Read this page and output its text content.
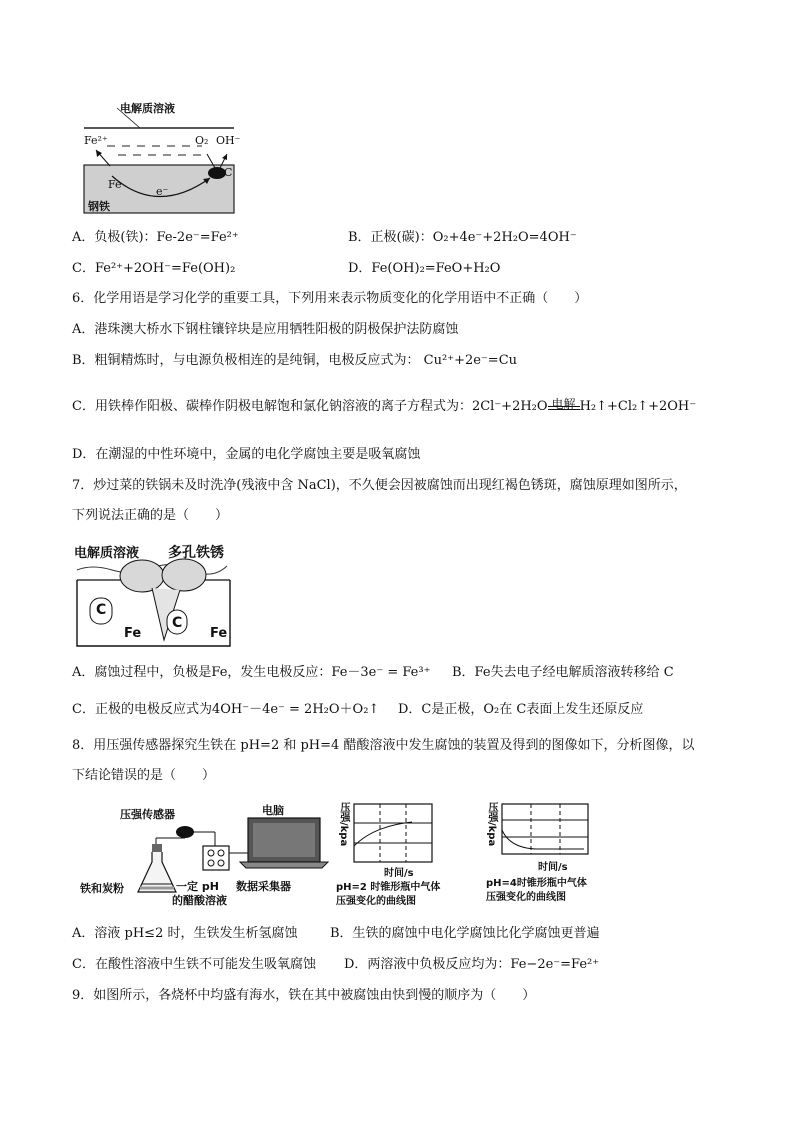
电解质溶液
Fe²⁺	O₂ OH⁻
Fe
e⁻
C
钢铁
A．负极(铁)：Fe-2e⁻=Fe²⁺	B．正极(碳)：O₂+4e⁻+2H₂O=4OH⁻
C．Fe²⁺+2OH⁻=Fe(OH)₂	D．Fe(OH)₂=FeO+H₂O
6．化学用语是学习化学的重要工具，下列用来表示物质变化的化学用语中不正确（　　）
A．港珠澳大桥水下钢柱镶锌块是应用牺牲阳极的阴极保护法防腐蚀
B．粗铜精炼时，与电源负极相连的是纯铜，电极反应式为： Cu²⁺+2e⁻=Cu
C．用铁棒作阳极、碳棒作阴极电解饱和氯化钠溶液的离子方程式为：2Cl⁻+2H₂O 电解 H₂↑+Cl₂↑+2OH⁻
D．在潮湿的中性环境中，金属的电化学腐蚀主要是吸氧腐蚀
7．炒过菜的铁锅未及时洗净(残液中含 NaCl)，不久便会因被腐蚀而出现红褐色锈斑，腐蚀原理如图所示，
下列说法正确的是（　　）
电解质溶液 多孔铁锈
C
C
Fe	Fe
A．腐蚀过程中，负极是Fe，发生电极反应：Fe－3e⁻ = Fe³⁺ B．Fe失去电子经电解质溶液转移给 C
C．正极的电极反应式为4OH⁻－4e⁻ = 2H₂O＋O₂↑ D．C是正极，O₂在 C表面上发生还原反应
8．用压强传感器探究生铁在 pH=2 和 pH=4 醋酸溶液中发生腐蚀的装置及得到的图像如下，分析图像，以
下结论错误的是（　　）
压强传感器	电脑
铁和炭粉	一定 pH
的醋酸溶液
数据采集器
压强/kpa
时间/s
pH=2 时锥形瓶中气体
压强变化的曲线图
压强/kpa
时间/s
pH=4时锥形瓶中气体
压强变化的曲线图
A．溶液 pH≤2 时，生铁发生析氢腐蚀	B．生铁的腐蚀中电化学腐蚀比化学腐蚀更普遍
C．在酸性溶液中生铁不可能发生吸氧腐蚀 D．两溶液中负极反应均为：Fe−2e⁻=Fe²⁺
9．如图所示，各烧杯中均盛有海水，铁在其中被腐蚀由快到慢的顺序为（　　）
